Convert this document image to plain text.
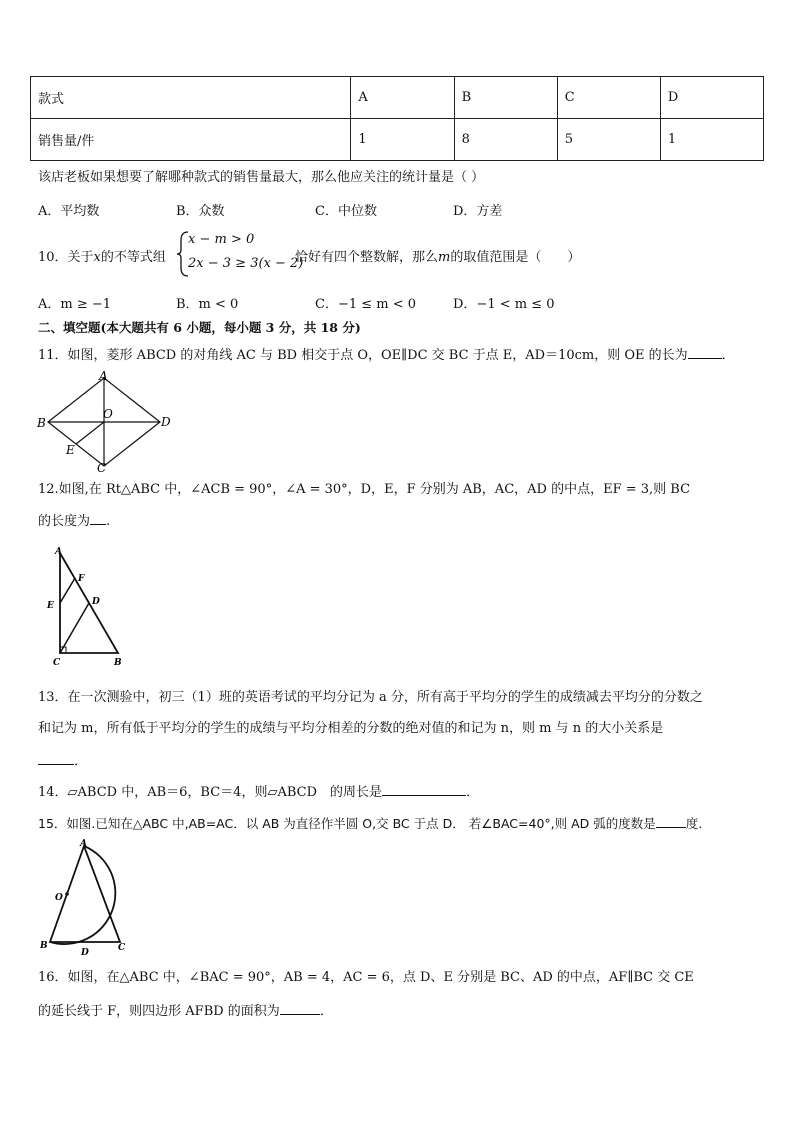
款式	A	B	C	D
销售量/件	1	8	5	1
该店老板如果想要了解哪种款式的销售量最大，那么他应关注的统计量是（ ）
A．平均数	B．众数	C．中位数	D．方差
10．关于x的不等式组
x − m > 0
2x − 3 ≥ 3(x − 2)
恰好有四个整数解，那么m的取值范围是（　　）
A．m ≥ −1	B．m < 0	C．−1 ≤ m < 0	D．−1 < m ≤ 0
二、填空题(本大题共有 6 小题，每小题 3 分，共 18 分)
11．如图，菱形 ABCD 的对角线 AC 与 BD 相交于点 O，OE∥DC 交 BC 于点 E，AD＝10cm，则 OE 的长为	．
A
B
O
D
E
C
12.如图,在 Rt△ABC 中，∠ACB = 90°，∠A = 30°，D，E，F 分别为 AB，AC，AD 的中点，EF = 3,则 BC
的长度为 .
A
F
E	D
C	B
13．在一次测验中，初三（1）班的英语考试的平均分记为 a 分，所有高于平均分的学生的成绩减去平均分的分数之
和记为 m，所有低于平均分的学生的成绩与平均分相差的分数的绝对值的和记为 n，则 m 与 n 的大小关系是
．
14．▱ABCD 中，AB＝6，BC＝4，则▱ABCD　的周长是	．
15．如图.已知在△ABC 中,AB=AC．以 AB 为直径作半圆 O,交 BC 于点 D． 若∠BAC=40°,则 AD 弧的度数是 度.
A
O
B
D	C
16．如图，在△ABC 中，∠BAC = 90°，AB = 4，AC = 6，点 D、E 分别是 BC、AD 的中点，AF∥BC 交 CE
的延长线于 F，则四边形 AFBD 的面积为	．
